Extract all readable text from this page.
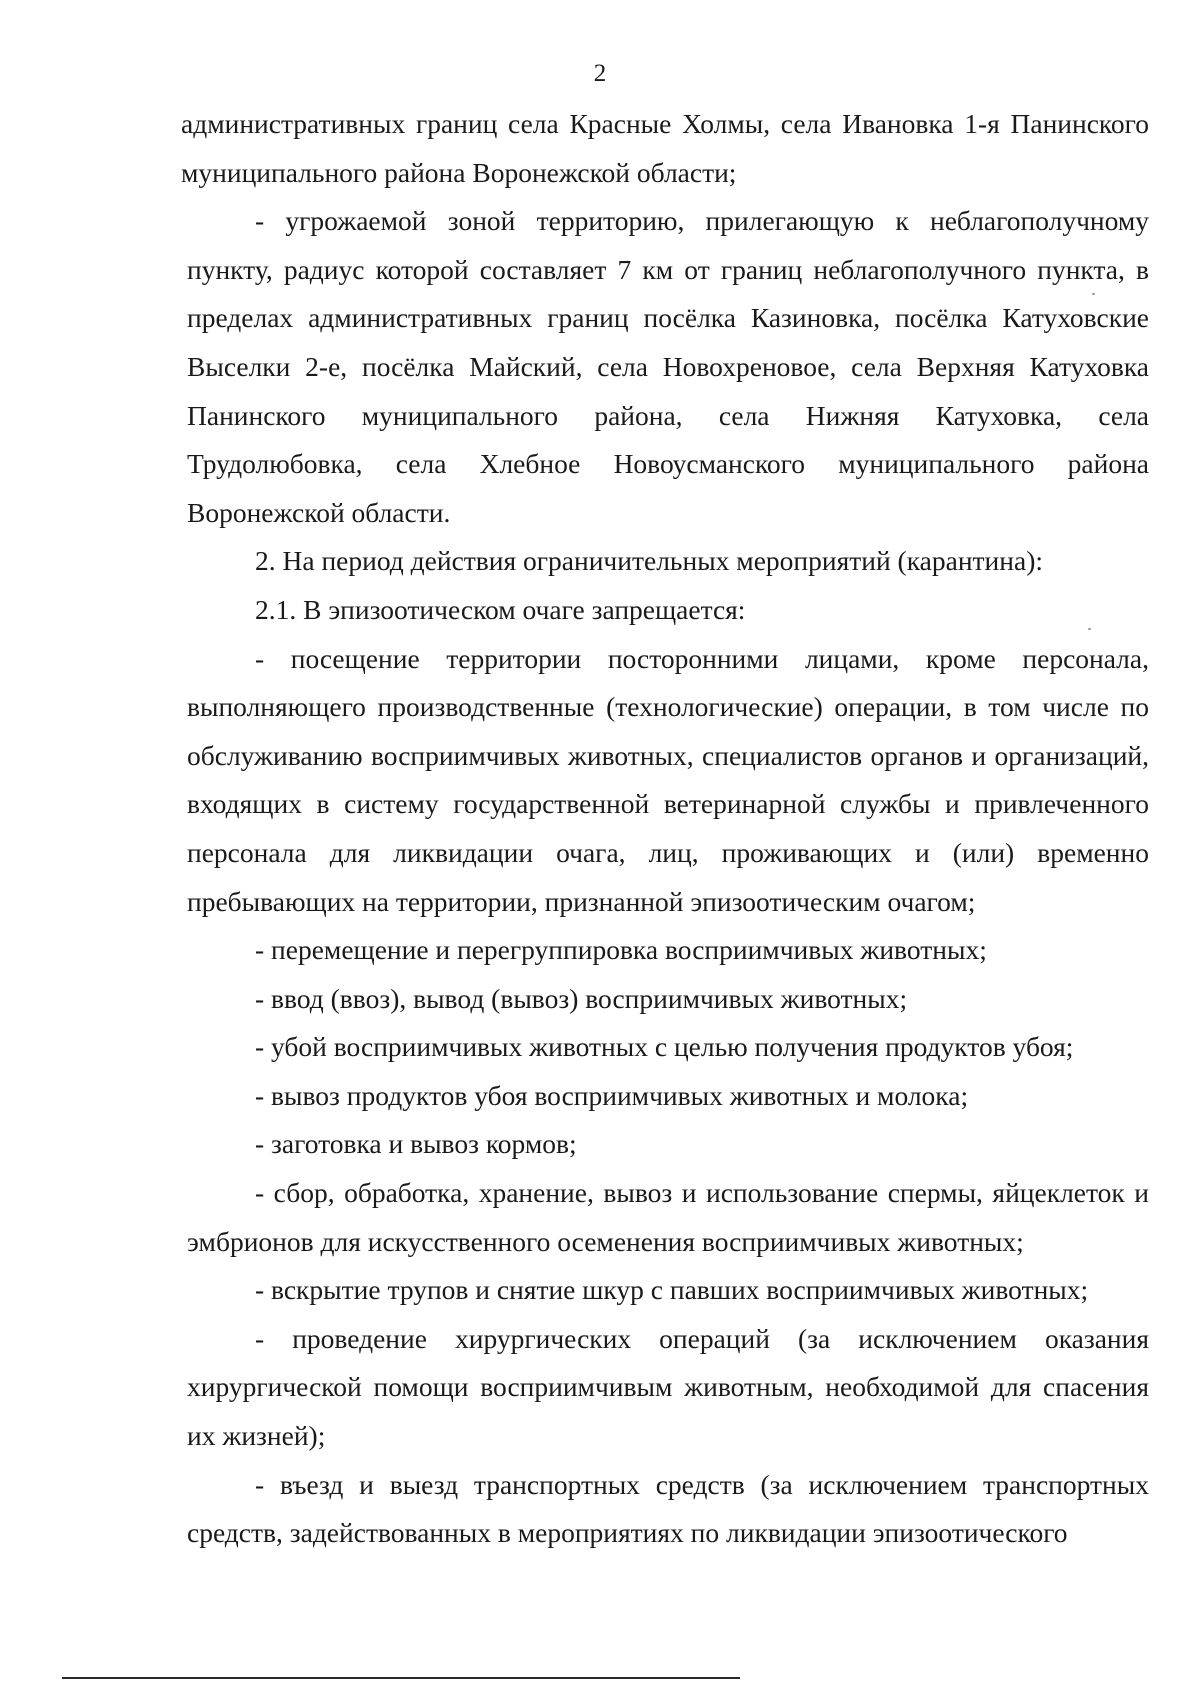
2

административных границ села Красные Холмы, села Ивановка 1-я Панинского муниципального района Воронежской области;

- угрожаемой зоной территорию, прилегающую к неблагополучному пункту, радиус которой составляет 7 км от границ неблагополучного пункта, в пределах административных границ посёлка Казиновка, посёлка Катуховские Выселки 2-е, посёлка Майский, села Новохреновое, села Верхняя Катуховка Панинского муниципального района, села Нижняя Катуховка, села Трудолюбовка, села Хлебное Новоусманского муниципального района Воронежской области.

2. На период действия ограничительных мероприятий (карантина):

2.1. В эпизоотическом очаге запрещается:

- посещение территории посторонними лицами, кроме персонала, выполняющего производственные (технологические) операции, в том числе по обслуживанию восприимчивых животных, специалистов органов и организаций, входящих в систему государственной ветеринарной службы и привлеченного персонала для ликвидации очага, лиц, проживающих и (или) временно пребывающих на территории, признанной эпизоотическим очагом;

- перемещение и перегруппировка восприимчивых животных;

- ввод (ввоз), вывод (вывоз) восприимчивых животных;

- убой восприимчивых животных с целью получения продуктов убоя;

- вывоз продуктов убоя восприимчивых животных и молока;

- заготовка и вывоз кормов;

- сбор, обработка, хранение, вывоз и использование спермы, яйцеклеток и эмбрионов для искусственного осеменения восприимчивых животных;

- вскрытие трупов и снятие шкур с павших восприимчивых животных;

- проведение хирургических операций (за исключением оказания хирургической помощи восприимчивым животным, необходимой для спасения их жизней);

- въезд и выезд транспортных средств (за исключением транспортных средств, задействованных в мероприятиях по ликвидации эпизоотического
